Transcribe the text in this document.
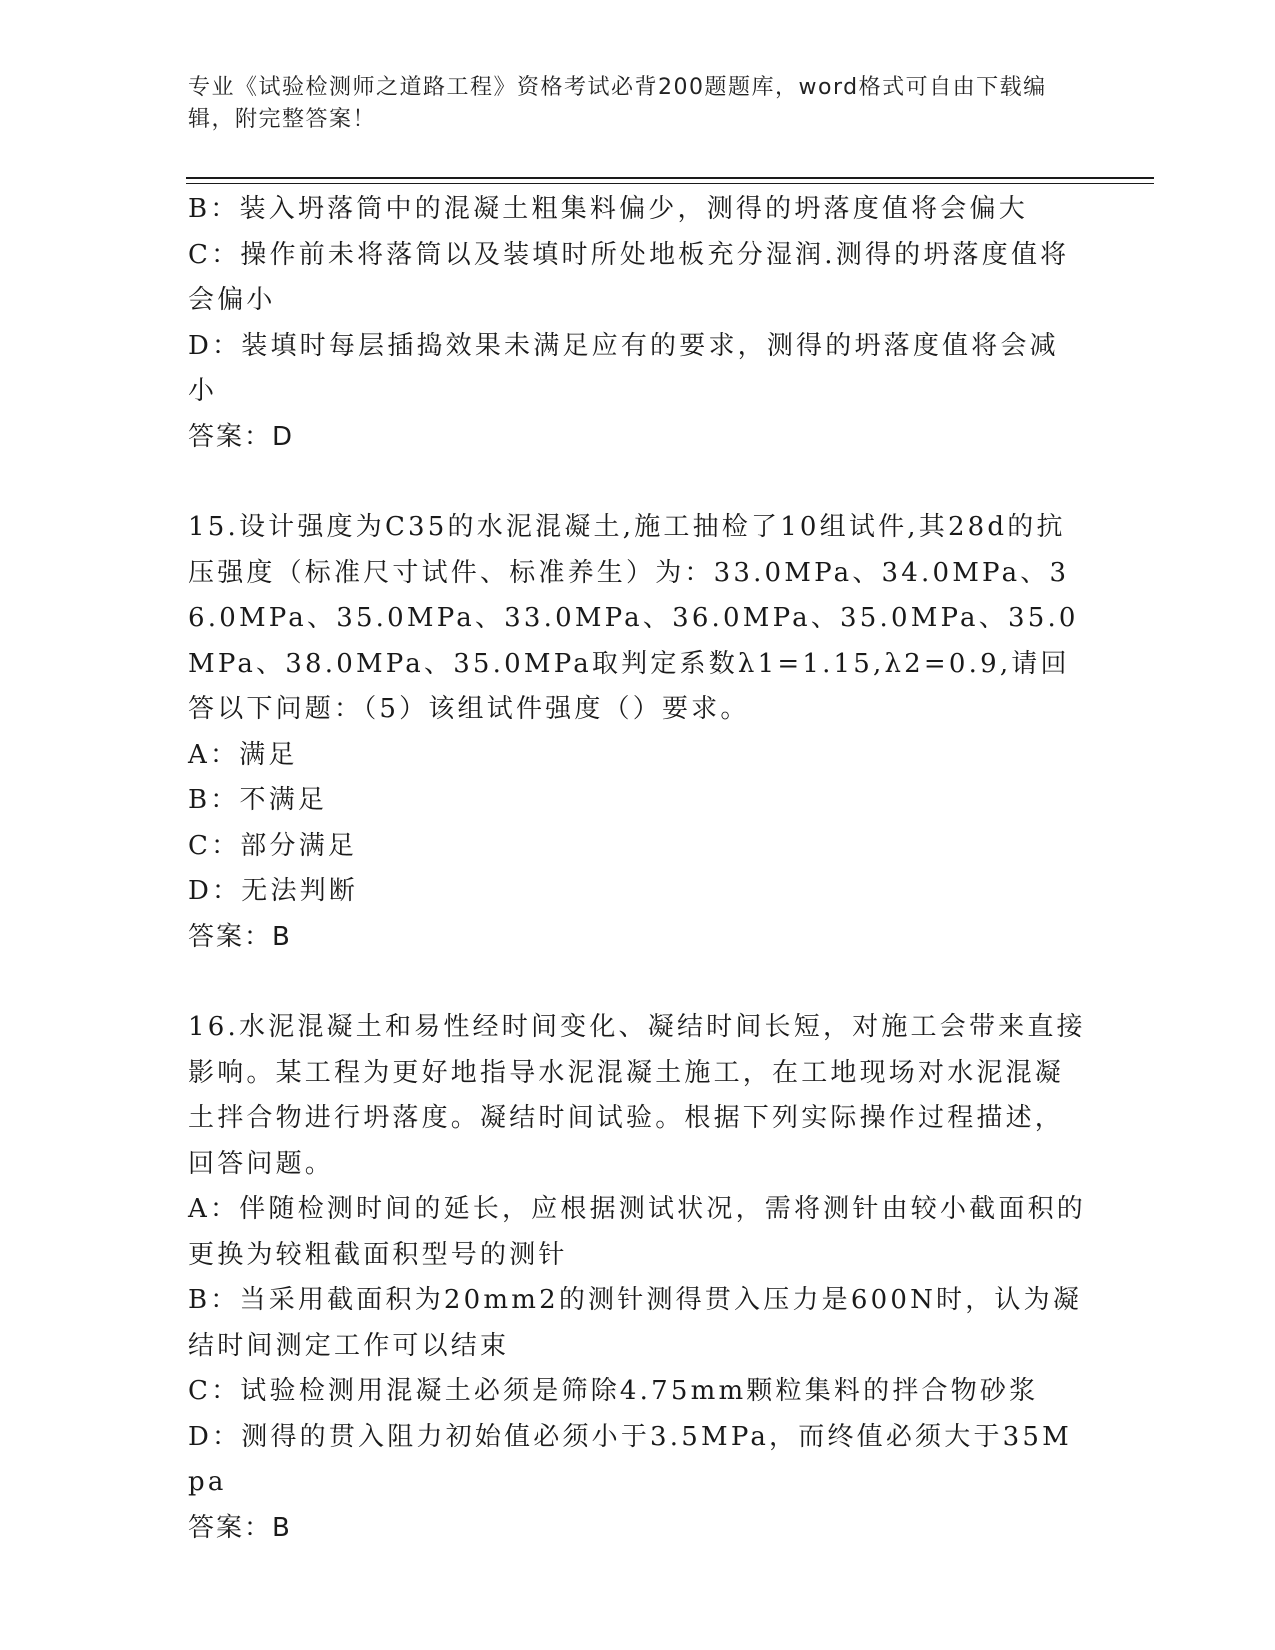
专业《试验检测师之道路工程》资格考试必背200题题库，word格式可自由下载编辑，附完整答案！
B：装入坍落筒中的混凝土粗集料偏少，测得的坍落度值将会偏大
C：操作前未将落筒以及装填时所处地板充分湿润.测得的坍落度值将会偏小
D：装填时每层插捣效果未满足应有的要求，测得的坍落度值将会减小
答案：D
15.设计强度为C35的水泥混凝土,施工抽检了10组试件,其28d的抗压强度（标准尺寸试件、标准养生）为：33.0MPa、34.0MPa、36.0MPa、35.0MPa、33.0MPa、36.0MPa、35.0MPa、35.0MPa、38.0MPa、35.0MPa取判定系数λ1=1.15,λ2=0.9,请回答以下问题：（5）该组试件强度（）要求。
A：满足
B：不满足
C：部分满足
D：无法判断
答案：B
16.水泥混凝土和易性经时间变化、凝结时间长短，对施工会带来直接影响。某工程为更好地指导水泥混凝土施工，在工地现场对水泥混凝土拌合物进行坍落度。凝结时间试验。根据下列实际操作过程描述，回答问题。
A：伴随检测时间的延长，应根据测试状况，需将测针由较小截面积的更换为较粗截面积型号的测针
B：当采用截面积为20mm2的测针测得贯入压力是600N时，认为凝结时间测定工作可以结束
C：试验检测用混凝土必须是筛除4.75mm颗粒集料的拌合物砂浆
D：测得的贯入阻力初始值必须小于3.5MPa，而终值必须大于35Mpa
答案：B
